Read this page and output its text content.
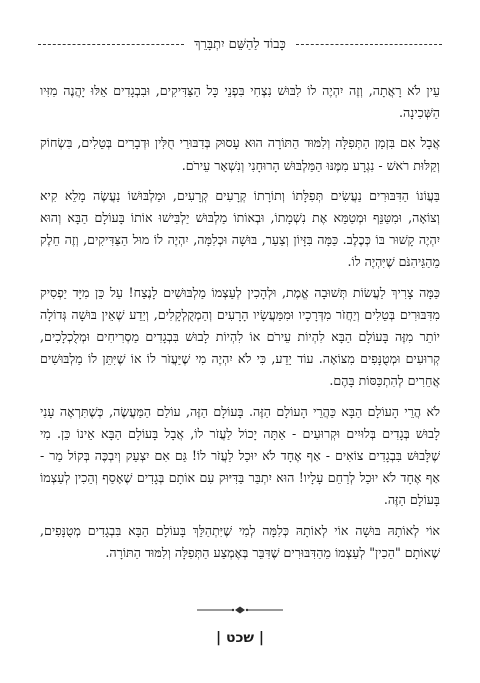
כָּבוֹד לַהַשֵּׁם יִתְבָּרֵךְ

עֵין לֹא רָאֲתָה, וְזֶה יִהְיֶה לוֹ לִבּוּשׁ נִצְחִי בִּפְנֵי כָּל הַצַּדִּיקִים, וּבִבְגָדִים אֵלּוּ יָהֲנֶה מִזִּיו הַשְּׁכִינָה.

אֲבָל אִם בִּזְמַן הַתְּפִלָּה וְלִמּוּד הַתּוֹרָה הוּא עָסוּק בְּדִבּוּרֵי חֻלִּין וּדְבָרִים בְּטֵלִים, בִּשְׂחוֹק וְקַלּוּת רֹאשׁ - נִגְרָע מִמֶּנּוּ הַמַּלְבּוּשׁ הָרוּחָנִי וְנִשְׁאָר עֵירֹם.

בַּעֲוֹנוֹ הַדִּבּוּרִים נַעֲשִׂים תְּפִלָּתוֹ וְתוֹרָתוֹ קְרָעִים קְרָעִים, וּמַלְבּוּשׁוֹ נַעֲשֶׂה מָלֵא קִיא וְצוֹאָה, וּמִטַּנֵּף וּמְטַמֵּא אֶת נִשְׁמָתוֹ, וּבְאוֹתוֹ מַלְבּוּשׁ יַלְבִּישׁוּ אוֹתוֹ בָּעוֹלָם הַבָּא וְהוּא יִהְיֶה קָשׁוּר בּוֹ כְּכֶלֶב. כַּמָּה בִּזָּיוֹן וְצַעַר, בּוּשָׁה וּכְלִמָּה, יִהְיֶה לוֹ מוּל הַצַּדִּיקִים, וְזֶה חֵלֶק מֵהַגֵּיהִנֹּם שֶׁיִּהְיֶה לוֹ.

כַּמָּה צָרִיךְ לַעֲשׂוֹת תְּשׁוּבָה אֱמֶת, וּלְהָכִין לְעַצְמוֹ מַלְבּוּשִׁים לָנֶצַח! עַל כֵּן מִיָּד יַפְסִיק מִדִּבּוּרִים בְּטֵלִים וְיַחֲזֹר מִדְּרָכָיו וּמִמַּעֲשָׂיו הָרָעִים וְהַמְקֻלְקָלִים, וְיֵדַע שֶׁאֵין בּוּשָׁה גְּדוֹלָה יוֹתֵר מִזֶּה בָּעוֹלָם הַבָּא לִהְיוֹת עֵירֹם אוֹ לִהְיוֹת לָבוּשׁ בִּבְגָדִים מַסְרִיחִים וּמְלֻכְלָכִים, קְרוּעִים וּמְטֻנָּפִים מִצּוֹאָה. עוֹד יֵדַע, כִּי לֹא יִהְיֶה מִי שֶׁיַּעֲזֹר לוֹ אוֹ שֶׁיִּתֵּן לוֹ מַלְבּוּשִׁים אֲחֵרִים לְהִתְכַּסּוֹת בָּהֶם.

לֹא הֲרֵי הָעוֹלָם הַבָּא כַּהֲרֵי הָעוֹלָם הַזֶּה. בָּעוֹלָם הַזֶּה, עוֹלַם הַמַּעֲשֶׂה, כְּשֶׁתִּרְאֶה עָנִי לָבוּשׁ בְּגָדִים בְּלוּיִים וּקְרוּעִים - אַתָּה יָכוֹל לַעֲזֹר לוֹ, אֲבָל בָּעוֹלָם הַבָּא אֵינוֹ כֵּן. מִי שֶׁלָּבוּשׁ בִּבְגָדִים צוֹאִים - אַף אֶחָד לֹא יוּכַל לַעֲזֹר לוֹ! גַּם אִם יִצְעַק וְיִבְכֶּה בְּקוֹל מַר - אַף אֶחָד לֹא יוּכַל לְרַחֵם עָלָיו! הוּא יִתְבַּר בַּדִּיּוּק עִם אוֹתָם בְּגָדִים שֶׁאָסַף וְהֵכִין לְעַצְמוֹ בָּעוֹלָם הַזֶּה.

אוֹי לְאוֹתָהּ בּוּשָׁה אוֹי לְאוֹתָהּ כְּלִמָּה לְמִי שֶׁיִּתְהַלֵּךְ בָּעוֹלָם הַבָּא בִּבְגָדִים מְטֻנָּפִים, שֶׁאוֹתָם "הֵכִין" לְעַצְמוֹ מֵהַדִּבּוּרִים שֶׁדִּבֵּר בְּאֶמְצַע הַתְּפִלָּה וְלִמּוּד הַתּוֹרָה.

| שכט |
